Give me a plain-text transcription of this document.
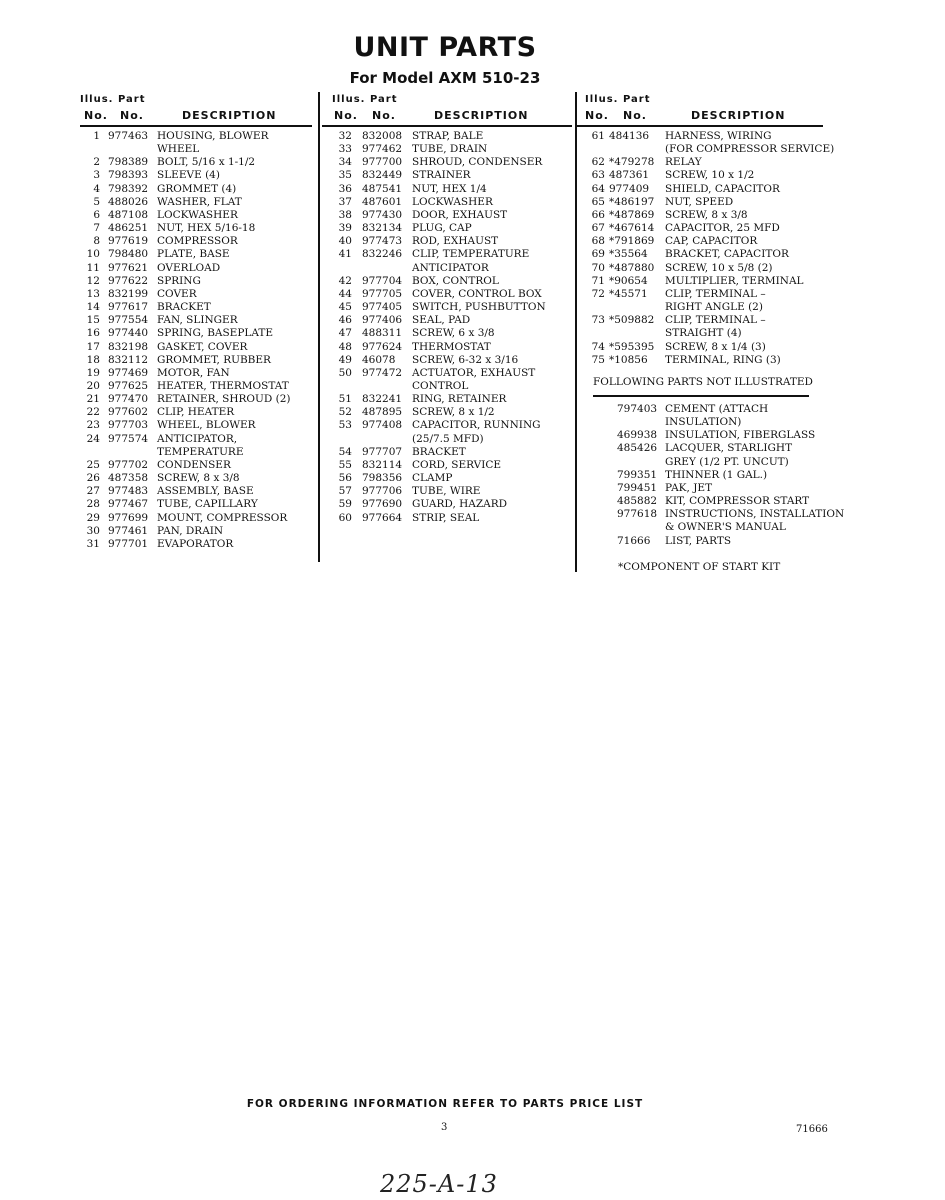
UNIT PARTS
For Model AXM 510-23
Illus. Part
No. No.	DESCRIPTION
1 977463 HOUSING, BLOWER
WHEEL
2 798389 BOLT, 5/16 x 1-1/2
3 798393 SLEEVE (4)
4 798392 GROMMET (4)
5 488026 WASHER, FLAT
6 487108 LOCKWASHER
7 486251 NUT, HEX 5/16-18
8 977619 COMPRESSOR
10 798480 PLATE, BASE
11 977621 OVERLOAD
12 977622 SPRING
13 832199 COVER
14 977617 BRACKET
15 977554 FAN, SLINGER
16 977440 SPRING, BASEPLATE
17 832198 GASKET, COVER
18 832112 GROMMET, RUBBER
19 977469 MOTOR, FAN
20 977625 HEATER, THERMOSTAT
21 977470 RETAINER, SHROUD (2)
22 977602 CLIP, HEATER
23 977703 WHEEL, BLOWER
24 977574 ANTICIPATOR,
TEMPERATURE
25 977702 CONDENSER
26 487358 SCREW, 8 x 3/8
27 977483 ASSEMBLY, BASE
28 977467 TUBE, CAPILLARY
29 977699 MOUNT, COMPRESSOR
30 977461 PAN, DRAIN
31 977701 EVAPORATOR
Illus. Part
No. No.	DESCRIPTION
32 832008 STRAP, BALE
33 977462 TUBE, DRAIN
34 977700 SHROUD, CONDENSER
35 832449 STRAINER
36 487541 NUT, HEX 1/4
37 487601 LOCKWASHER
38 977430 DOOR, EXHAUST
39 832134 PLUG, CAP
40 977473 ROD, EXHAUST
41 832246 CLIP, TEMPERATURE
ANTICIPATOR
42 977704 BOX, CONTROL
44 977705 COVER, CONTROL BOX
45 977405 SWITCH, PUSHBUTTON
46 977406 SEAL, PAD
47 488311 SCREW, 6 x 3/8
48 977624 THERMOSTAT
49 46078 SCREW, 6-32 x 3/16
50 977472 ACTUATOR, EXHAUST
CONTROL
51 832241 RING, RETAINER
52 487895 SCREW, 8 x 1/2
53 977408 CAPACITOR, RUNNING
(25/7.5 MFD)
54 977707 BRACKET
55 832114 CORD, SERVICE
56 798356 CLAMP
57 977706 TUBE, WIRE
59 977690 GUARD, HAZARD
60 977664 STRIP, SEAL
Illus. Part
No. No.	DESCRIPTION
61 484136 HARNESS, WIRING
(FOR COMPRESSOR SERVICE)
62 *479278 RELAY
63 487361 SCREW, 10 x 1/2
64 977409 SHIELD, CAPACITOR
65 *486197 NUT, SPEED
66 *487869 SCREW, 8 x 3/8
67 *467614 CAPACITOR, 25 MFD
68 *791869 CAP, CAPACITOR
69 *35564 BRACKET, CAPACITOR
70 *487880 SCREW, 10 x 5/8 (2)
71 *90654 MULTIPLIER, TERMINAL
72 *45571 CLIP, TERMINAL –
RIGHT ANGLE (2)
73 *509882 CLIP, TERMINAL –
STRAIGHT (4)
74 *595395 SCREW, 8 x 1/4 (3)
75 *10856 TERMINAL, RING (3)
FOLLOWING PARTS NOT ILLUSTRATED
797403 CEMENT (ATTACH
INSULATION)
469938 INSULATION, FIBERGLASS
485426 LACQUER, STARLIGHT
GREY (1/2 PT. UNCUT)
799351 THINNER (1 GAL.)
799451 PAK, JET
485882 KIT, COMPRESSOR START
977618 INSTRUCTIONS, INSTALLATION
& OWNER'S MANUAL
71666 LIST, PARTS
*COMPONENT OF START KIT
FOR ORDERING INFORMATION REFER TO PARTS PRICE LIST
3	71666
225-A-13
